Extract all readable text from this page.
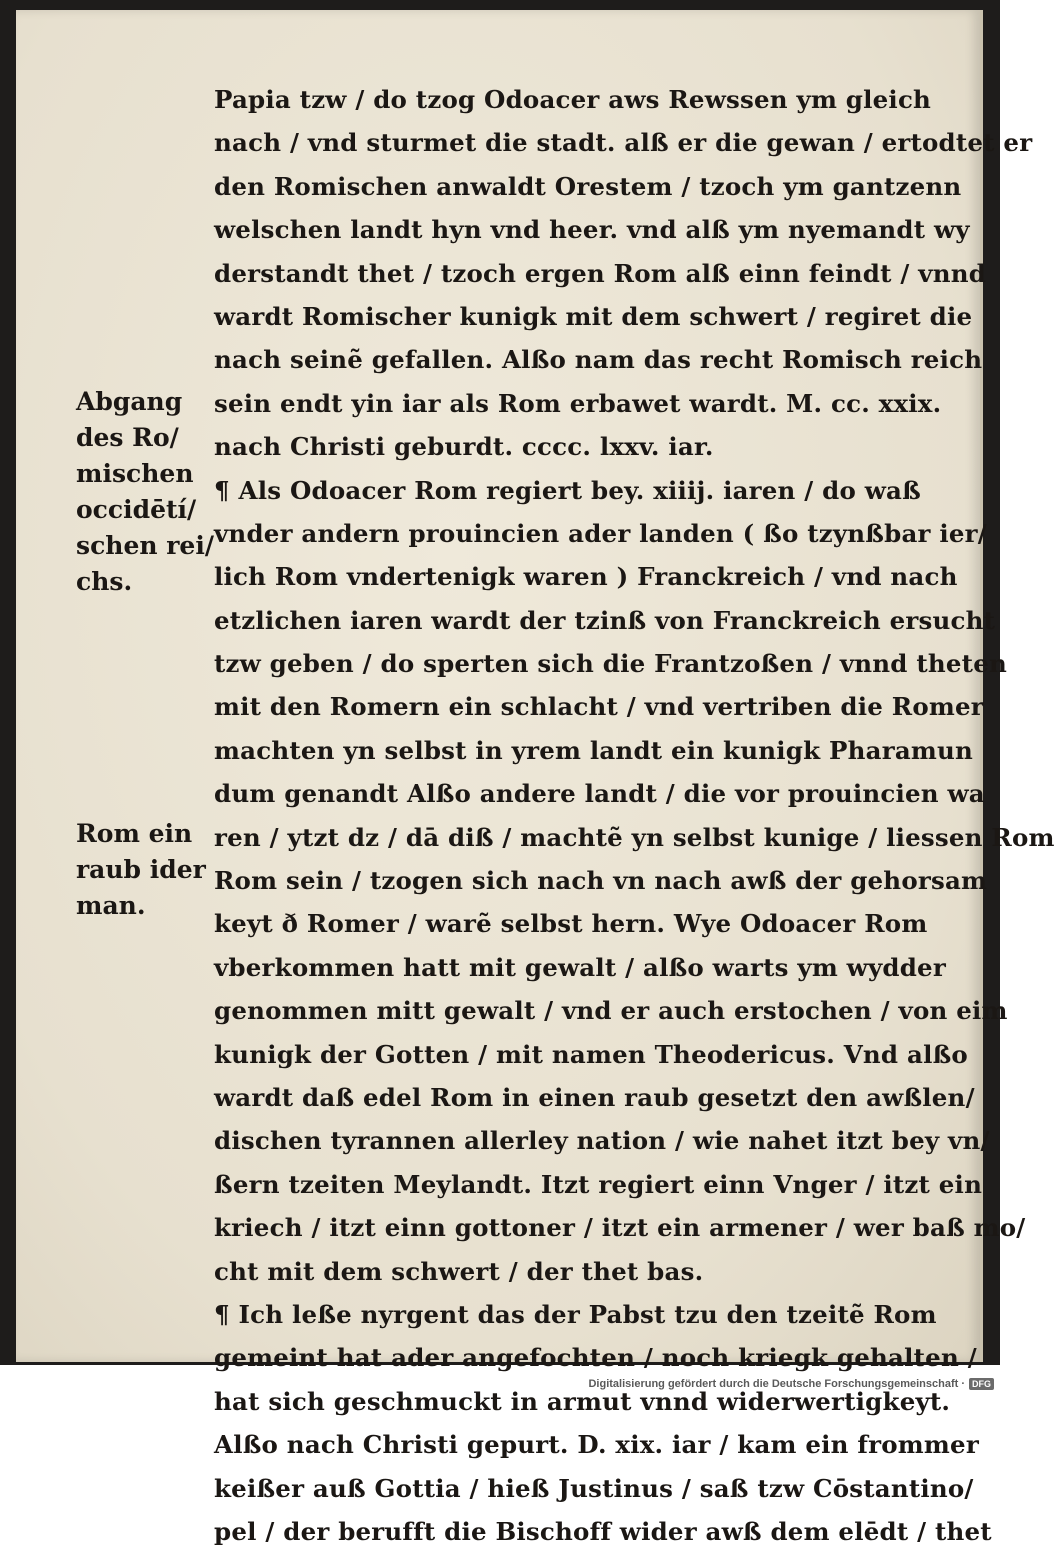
Abgang
des Ro/
mischen
occidētí/
schen rei/
chs.
Rom ein
raub ider
man.
Papia tzw / do tzog Odoacer aws Rewssen ym gleich
nach / vnd sturmet die stadt. alß er die gewan / ertodtet er
den Romischen anwaldt Orestem / tzoch ym gantzenn
welschen landt hyn vnd heer. vnd alß ym nyemandt wy
derstandt thet / tzoch ergen Rom alß einn feindt / vnnd
wardt Romischer kunigk mit dem schwert / regiret die
nach seinẽ gefallen. Alßo nam das recht Romisch reich
sein endt yin iar als Rom erbawet wardt. M. cc. xxix.
nach Christi geburdt. cccc. lxxv. iar.
¶ Als Odoacer Rom regiert bey. xiiij. iaren / do waß
vnder andern prouincien ader landen ( ßo tzynßbar ier/
lich Rom vndertenigk waren ) Franckreich / vnd nach
etzlichen iaren wardt der tzinß von Franckreich ersucht
tzw geben / do sperten sich die Frantzoßen / vnnd theten
mit den Romern ein schlacht / vnd vertriben die Romer
machten yn selbst in yrem landt ein kunigk Pharamun
dum genandt Alßo andere landt / die vor prouincien wa
ren / ytzt dz / dā diß / machtẽ yn selbst kunige / liessen Rom
Rom sein / tzogen sich nach vn nach awß der gehorsam
keyt ð Romer / warẽ selbst hern. Wye Odoacer Rom
vberkommen hatt mit gewalt / alßo warts ym wydder
genommen mitt gewalt / vnd er auch erstochen / von eim
kunigk der Gotten / mit namen Theodericus. Vnd alßo
wardt daß edel Rom in einen raub gesetzt den awßlen/
dischen tyrannen allerley nation / wie nahet itzt bey vn/
ßern tzeiten Meylandt. Itzt regiert einn Vnger / itzt ein
kriech / itzt einn gottoner / itzt ein armener / wer baß mo/
cht mit dem schwert / der thet bas.
¶ Ich leße nyrgent das der Pabst tzu den tzeitẽ Rom
gemeint hat ader angefochten / noch kriegk gehalten /
hat sich geschmuckt in armut vnnd widerwertigkeyt.
Alßo nach Christi gepurt. D. xix. iar / kam ein frommer
keißer auß Gottia / hieß Justinus / saß tzw Cōstantino/
pel / der berufft die Bischoff wider awß dem elēdt / thet
Digitalisierung gefördert durch die Deutsche Forschungsgemeinschaft · DFG
